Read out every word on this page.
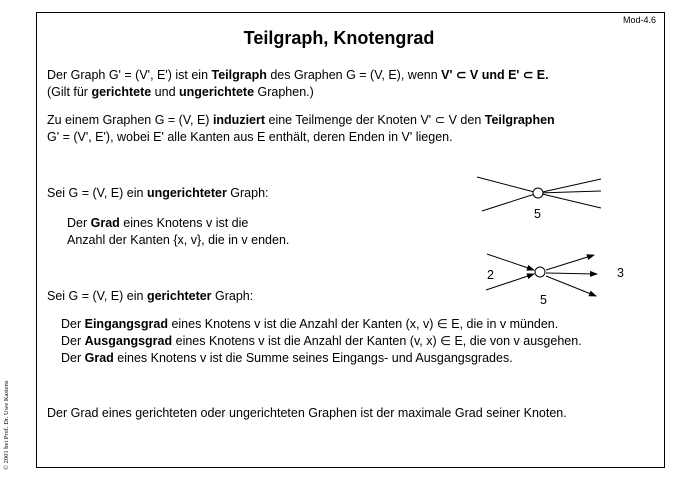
Mod-4.6
Teilgraph, Knotengrad
© 2001 bei Prof. Dr. Uwe Kastens
Der Graph G' = (V', E') ist ein Teilgraph des Graphen G = (V, E), wenn V' ⊂ V und E' ⊂ E.
(Gilt für gerichtete und ungerichtete Graphen.)
Zu einem Graphen G = (V, E) induziert eine Teilmenge der Knoten V' ⊂ V den Teilgraphen
G' = (V', E'), wobei E' alle Kanten aus E enthält, deren Enden in V' liegen.
Sei G = (V, E) ein ungerichteter Graph:
Der Grad eines Knotens v ist die
Anzahl der Kanten {x, v}, die in v enden.
Sei G = (V, E) ein gerichteter Graph:
Der Eingangsgrad eines Knotens v ist die Anzahl der Kanten (x, v) ∈ E, die in v münden.
Der Ausgangsgrad eines Knotens v ist die Anzahl der Kanten (v, x) ∈ E, die von v ausgehen.
Der Grad eines Knotens v ist die Summe seines Eingangs- und Ausgangsgrades.
Der Grad eines gerichteten oder ungerichteten Graphen ist der maximale Grad seiner Knoten.
5
2	3
5
